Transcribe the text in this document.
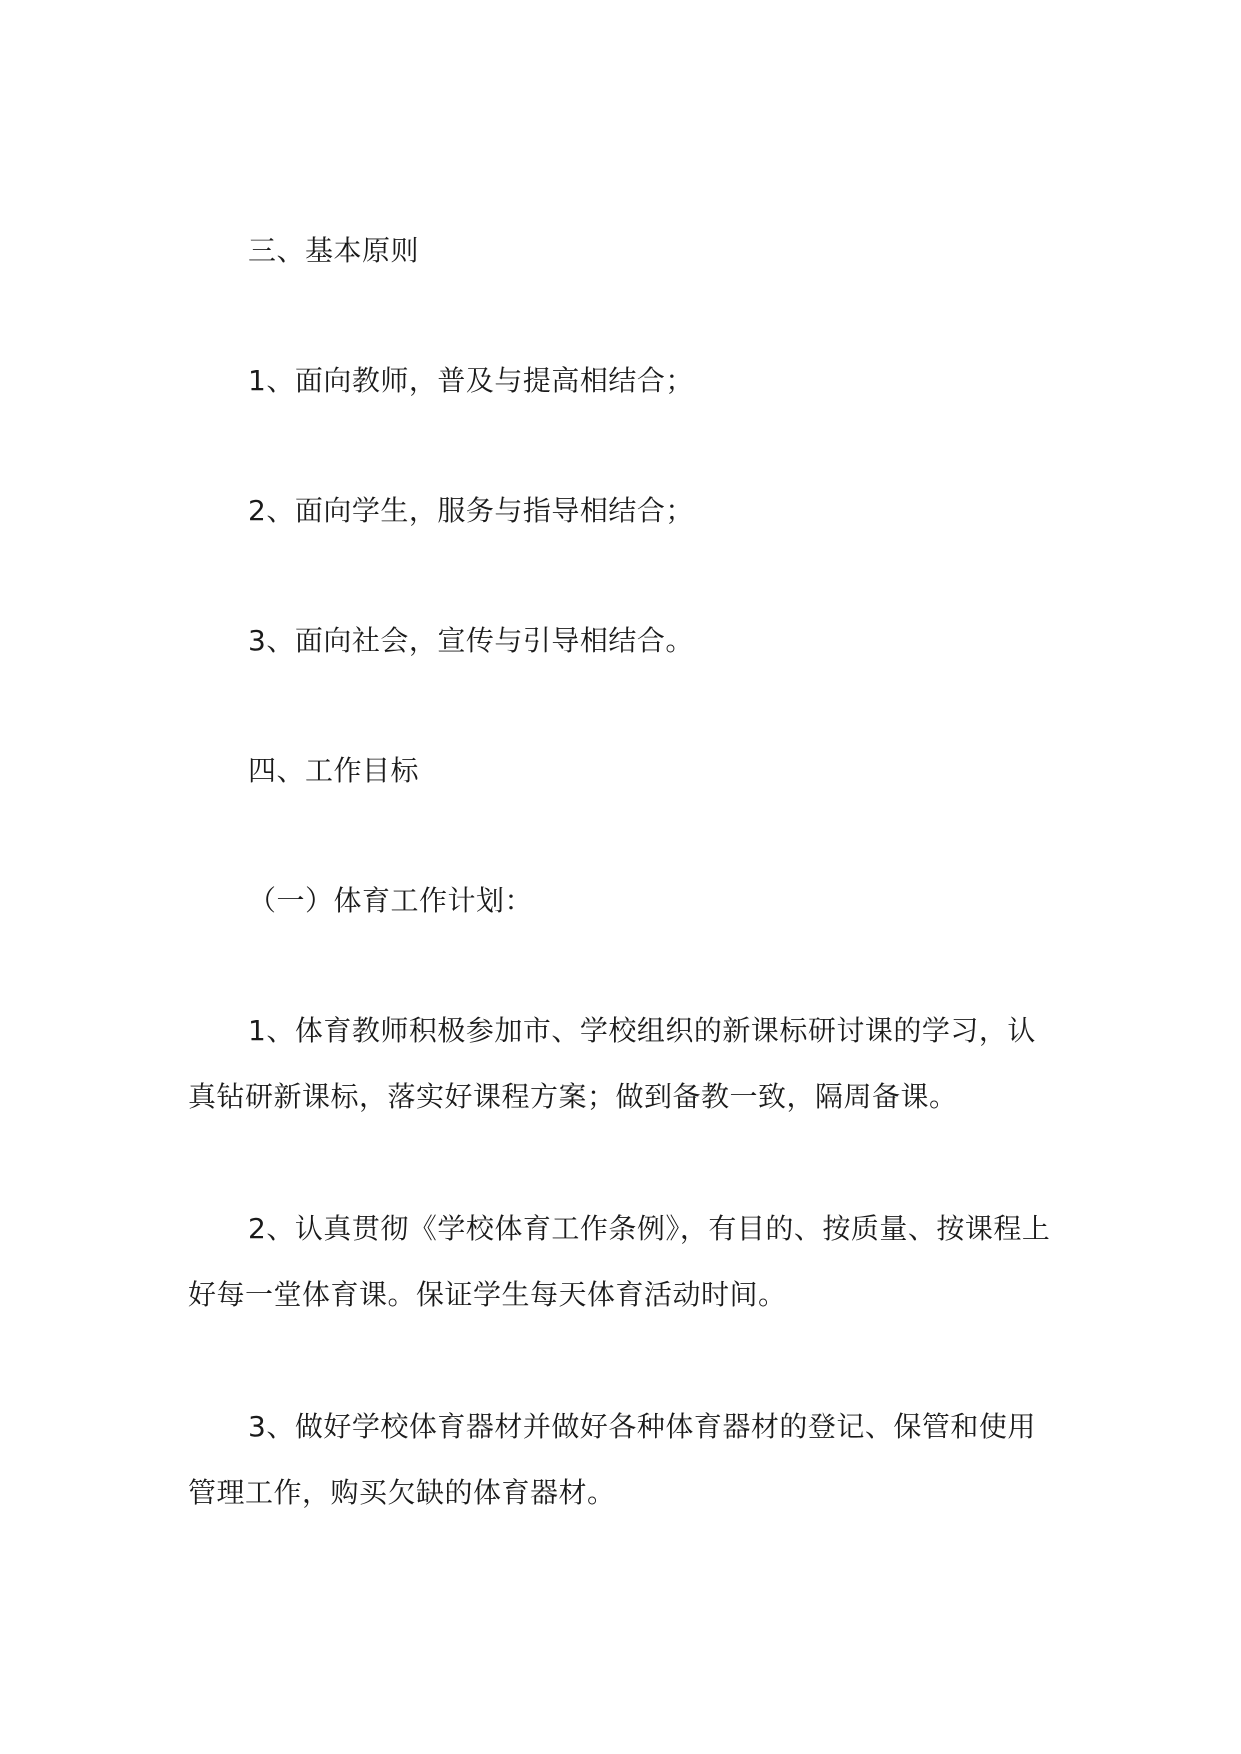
三、基本原则
1、面向教师，普及与提高相结合；
2、面向学生，服务与指导相结合；
3、面向社会，宣传与引导相结合。
四、工作目标
（一）体育工作计划：
1、体育教师积极参加市、学校组织的新课标研讨课的学习，认
真钻研新课标，落实好课程方案；做到备教一致，隔周备课。
2、认真贯彻《学校体育工作条例》，有目的、按质量、按课程上
好每一堂体育课。保证学生每天体育活动时间。
3、做好学校体育器材并做好各种体育器材的登记、保管和使用
管理工作，购买欠缺的体育器材。
